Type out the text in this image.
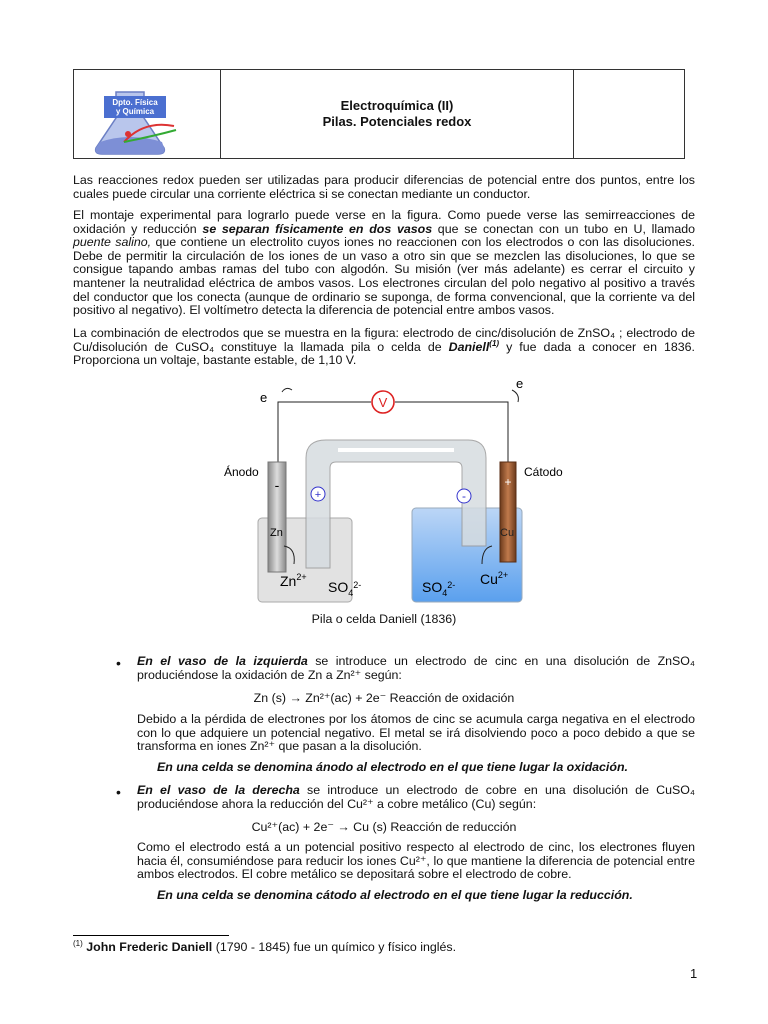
Dpto. Física
y Química	Electroquímica (II)
Pilas. Potenciales redox
Las reacciones redox pueden ser utilizadas para producir diferencias de potencial entre dos puntos, entre los cuales puede circular una corriente eléctrica si se conectan mediante un conductor.
El montaje experimental para lograrlo puede verse en la figura. Como puede verse las semirreacciones de oxidación y reducción se separan físicamente en dos vasos que se conectan con un tubo en U, llamado puente salino, que contiene un electrolito cuyos iones no reaccionen con los electrodos o con las disoluciones. Debe de permitir la circulación de los iones de un vaso a otro sin que se mezclen las disoluciones, lo que se consigue tapando ambas ramas del tubo con algodón. Su misión (ver más adelante) es cerrar el circuito y mantener la neutralidad eléctrica de ambos vasos. Los electrones circulan del polo negativo al positivo a través del conductor que los conecta (aunque de ordinario se suponga, de forma convencional, que la corriente va del positivo al negativo). El voltímetro detecta la diferencia de potencial entre ambos vasos.
La combinación de electrodos que se muestra en la figura: electrodo de cinc/disolución de ZnSO₄ ; electrodo de Cu/disolución de CuSO₄ constituye la llamada pila o celda de Daniell$^{(1)}$ y fue dada a conocer en 1836. Proporciona un voltaje, bastante estable, de 1,10 V.
V
e
e
+	-
Ánodo	Cátodo
-	+
Zn	Cu
$Zn^{2+}$
$SO_4^{2-}$	$SO_4^{2-}$ $Cu^{2+}$
Pila o celda Daniell (1836)
• En el vaso de la izquierda se introduce un electrodo de cinc en una disolución de ZnSO₄ produciéndose la oxidación de Zn a Zn²⁺ según:
Zn (s) → Zn²⁺(ac) + 2e⁻ Reacción de oxidación
Debido a la pérdida de electrones por los átomos de cinc se acumula carga negativa en el electrodo con lo que adquiere un potencial negativo. El metal se irá disolviendo poco a poco debido a que se transforma en iones Zn²⁺ que pasan a la disolución.
En una celda se denomina ánodo al electrodo en el que tiene lugar la oxidación.
• En el vaso de la derecha se introduce un electrodo de cobre en una disolución de CuSO₄ produciéndose ahora la reducción del Cu²⁺ a cobre metálico (Cu) según:
Cu²⁺(ac) + 2e⁻ → Cu (s) Reacción de reducción
Como el electrodo está a un potencial positivo respecto al electrodo de cinc, los electrones fluyen hacia él, consumiéndose para reducir los iones Cu²⁺, lo que mantiene la diferencia de potencial entre ambos electrodos. El cobre metálico se depositará sobre el electrodo de cobre.
En una celda se denomina cátodo al electrodo en el que tiene lugar la reducción.
$^{(1)}$ John Frederic Daniell (1790 - 1845) fue un químico y físico inglés.
1
